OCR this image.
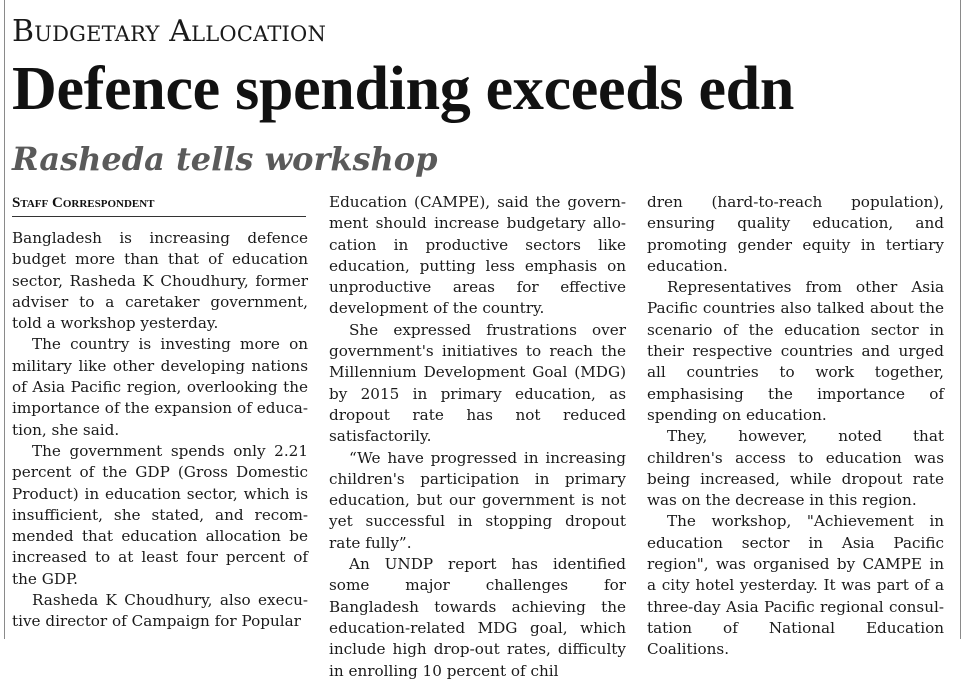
Budgetary Allocation
Defence spending exceeds edn
Rasheda tells workshop
Staff Correspondent

Bangladesh is increasing defence budget more than that of education sector, Rasheda K Choudhury, former adviser to a caretaker government, told a workshop yesterday.

The country is investing more on military like other developing nations of Asia Pacific region, overlooking the importance of the expansion of education, she said.

The government spends only 2.21 percent of the GDP (Gross Domestic Product) in education sector, which is insufficient, she stated, and recommended that education allocation be increased to at least four percent of the GDP.

Rasheda K Choudhury, also executive director of Campaign for Popular

Education (CAMPE), said the government should increase budgetary allocation in productive sectors like education, putting less emphasis on unproductive areas for effective development of the country.

She expressed frustrations over government's initiatives to reach the Millennium Development Goal (MDG) by 2015 in primary education, as dropout rate has not reduced satisfactorily.

“We have progressed in increasing children's participation in primary education, but our government is not yet successful in stopping dropout rate fully”.

An UNDP report has identified some major challenges for Bangladesh towards achieving the education-related MDG goal, which include high drop-out rates, difficulty in enrolling 10 percent of chil

dren (hard-to-reach population), ensuring quality education, and promoting gender equity in tertiary education.

Representatives from other Asia Pacific countries also talked about the scenario of the education sector in their respective countries and urged all countries to work together, emphasising the importance of spending on education.

They, however, noted that children's access to education was being increased, while dropout rate was on the decrease in this region.

The workshop, "Achievement in education sector in Asia Pacific region", was organised by CAMPE in a city hotel yesterday. It was part of a three-day Asia Pacific regional consultation of National Education Coalitions.
